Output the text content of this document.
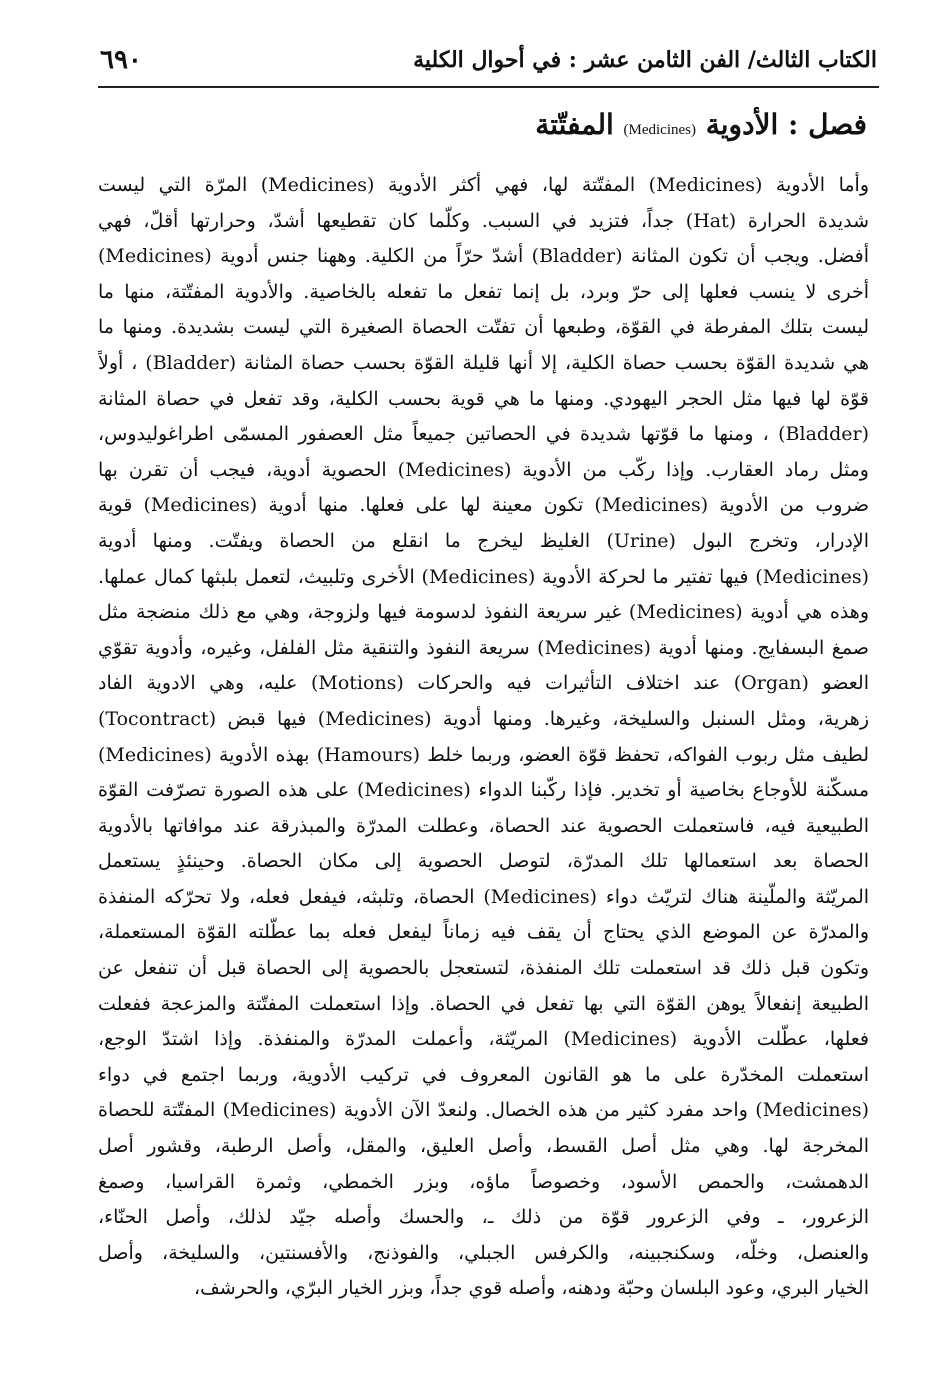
الكتاب الثالث/ الفن الثامن عشر : في أحوال الكلية
٦٩٠
فصل : الأدوية (Medicines) المفتّتة
وأما الأدوية (Medicines) المفتّتة لها، فهي أكثر الأدوية (Medicines) المرّة التي ليست
شديدة الحرارة (Hat) جداً، فتزيد في السبب. وكلّما كان تقطيعها أشدّ، وحرارتها أقلّ، فهي
أفضل. ويجب أن تكون المثانة (Bladder) أشدّ حرّاً من الكلية. وههنا جنس أدوية (Medicines)
أخرى لا ينسب فعلها إلى حرّ وبرد، بل إنما تفعل ما تفعله بالخاصية. والأدوية المفتّتة، منها ما
ليست بتلك المفرطة في القوّة، وطبعها أن تفتّت الحصاة الصغيرة التي ليست بشديدة. ومنها ما
هي شديدة القوّة بحسب حصاة الكلية، إلا أنها قليلة القوّة بحسب حصاة المثانة (Bladder) ، أولاً
قوّة لها فيها مثل الحجر اليهودي. ومنها ما هي قوية بحسب الكلية، وقد تفعل في حصاة المثانة
(Bladder) ، ومنها ما قوّتها شديدة في الحصاتين جميعاً مثل العصفور المسمّى اطراغوليدوس،
ومثل رماد العقارب. وإذا ركّب من الأدوية (Medicines) الحصوية أدوية، فيجب أن تقرن بها
ضروب من الأدوية (Medicines) تكون معينة لها على فعلها. منها أدوية (Medicines) قوية
الإدرار، وتخرج البول (Urine) الغليظ ليخرج ما انقلع من الحصاة ويفتّت. ومنها أدوية
(Medicines) فيها تفتير ما لحركة الأدوية (Medicines) الأخرى وتلبيث، لتعمل بلبثها كمال عملها.
وهذه هي أدوية (Medicines) غير سريعة النفوذ لدسومة فيها ولزوجة، وهي مع ذلك منضجة مثل
صمغ البسفايج. ومنها أدوية (Medicines) سريعة النفوذ والتنقية مثل الفلفل، وغيره، وأدوية تقوّي
العضو (Organ) عند اختلاف التأثيرات فيه والحركات (Motions) عليه، وهي الادوية الفاد
زهرية، ومثل السنبل والسليخة، وغيرها. ومنها أدوية (Medicines) فيها قبض (Tocontract)
لطيف مثل ربوب الفواكه، تحفظ قوّة العضو، وربما خلط (Hamours) بهذه الأدوية (Medicines)
مسكّنة للأوجاع بخاصية أو تخدير. فإذا ركّبنا الدواء (Medicines) على هذه الصورة تصرّفت القوّة
الطبيعية فيه، فاستعملت الحصوية عند الحصاة، وعطلت المدرّة والمبذرقة عند موافاتها بالأدوية
الحصاة بعد استعمالها تلك المدرّة، لتوصل الحصوية إلى مكان الحصاة. وحينئذٍ يستعمل
المريّثة والملّينة هناك لتريّث دواء (Medicines) الحصاة، وتلبثه، فيفعل فعله، ولا تحرّكه المنفذة
والمدرّة عن الموضع الذي يحتاج أن يقف فيه زماناً ليفعل فعله بما عطّلته القوّة المستعملة،
وتكون قبل ذلك قد استعملت تلك المنفذة، لتستعجل بالحصوية إلى الحصاة قبل أن تنفعل عن
الطبيعة إنفعالاً يوهن القوّة التي بها تفعل في الحصاة. وإذا استعملت المفتّتة والمزعجة ففعلت
فعلها، عطّلت الأدوية (Medicines) المريّثة، وأعملت المدرّة والمنفذة. وإذا اشتدّ الوجع،
استعملت المخدّرة على ما هو القانون المعروف في تركيب الأدوية، وربما اجتمع في دواء
(Medicines) واحد مفرد كثير من هذه الخصال. ولنعدّ الآن الأدوية (Medicines) المفتّتة للحصاة
المخرجة لها. وهي مثل أصل القسط، وأصل العليق، والمقل، وأصل الرطبة، وقشور أصل
الدهمشت، والحمص الأسود، وخصوصاً ماؤه، وبزر الخمطي، وثمرة القراسيا، وصمغ
الزعرور، ـ وفي الزعرور قوّة من ذلك ـ، والحسك وأصله جيّد لذلك، وأصل الحنّاء،
والعنصل، وخلّه، وسكنجبينه، والكرفس الجبلي، والفوذنج، والأفسنتين، والسليخة، وأصل
الخيار البري، وعود البلسان وحبّة ودهنه، وأصله قوي جداً، وبزر الخيار البرّي، والحرشف،
